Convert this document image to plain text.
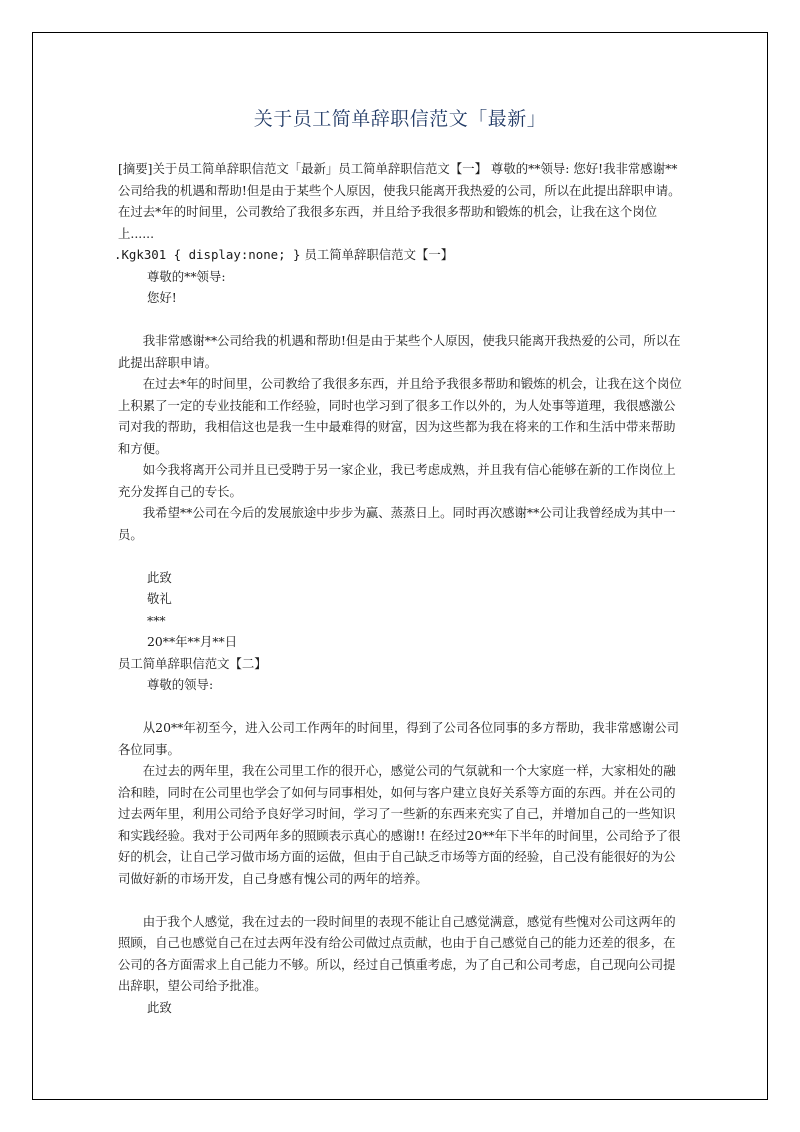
关于员工简单辞职信范文「最新」

[摘要]关于员工简单辞职信范文「最新」员工简单辞职信范文【一】 尊敬的**领导: 您好!我非常感谢**公司给我的机遇和帮助!但是由于某些个人原因，使我只能离开我热爱的公司，所以在此提出辞职申请。 在过去*年的时间里，公司教给了我很多东西，并且给予我很多帮助和锻炼的机会，让我在这个岗位上......

.Kgk301 { display:none; } 员工简单辞职信范文【一】

尊敬的**领导:

您好!

我非常感谢**公司给我的机遇和帮助!但是由于某些个人原因，使我只能离开我热爱的公司，所以在此提出辞职申请。

在过去*年的时间里，公司教给了我很多东西，并且给予我很多帮助和锻炼的机会，让我在这个岗位上积累了一定的专业技能和工作经验，同时也学习到了很多工作以外的，为人处事等道理，我很感激公司对我的帮助，我相信这也是我一生中最难得的财富，因为这些都为我在将来的工作和生活中带来帮助和方便。

如今我将离开公司并且已受聘于另一家企业，我已考虑成熟，并且我有信心能够在新的工作岗位上充分发挥自己的专长。

我希望**公司在今后的发展旅途中步步为赢、蒸蒸日上。同时再次感谢**公司让我曾经成为其中一员。

此致

敬礼

***

20**年**月**日

员工简单辞职信范文【二】

尊敬的领导:

从20**年初至今，进入公司工作两年的时间里，得到了公司各位同事的多方帮助，我非常感谢公司各位同事。

在过去的两年里，我在公司里工作的很开心，感觉公司的气氛就和一个大家庭一样，大家相处的融洽和睦，同时在公司里也学会了如何与同事相处，如何与客户建立良好关系等方面的东西。并在公司的过去两年里，利用公司给予良好学习时间，学习了一些新的东西来充实了自己，并增加自己的一些知识和实践经验。我对于公司两年多的照顾表示真心的感谢!! 在经过20**年下半年的时间里，公司给予了很好的机会，让自己学习做市场方面的运做，但由于自己缺乏市场等方面的经验，自己没有能很好的为公司做好新的市场开发，自己身感有愧公司的两年的培养。

由于我个人感觉，我在过去的一段时间里的表现不能让自己感觉满意，感觉有些愧对公司这两年的照顾，自己也感觉自己在过去两年没有给公司做过点贡献，也由于自己感觉自己的能力还差的很多，在公司的各方面需求上自己能力不够。所以，经过自己慎重考虑，为了自己和公司考虑，自己现向公司提出辞职，望公司给予批准。

此致
